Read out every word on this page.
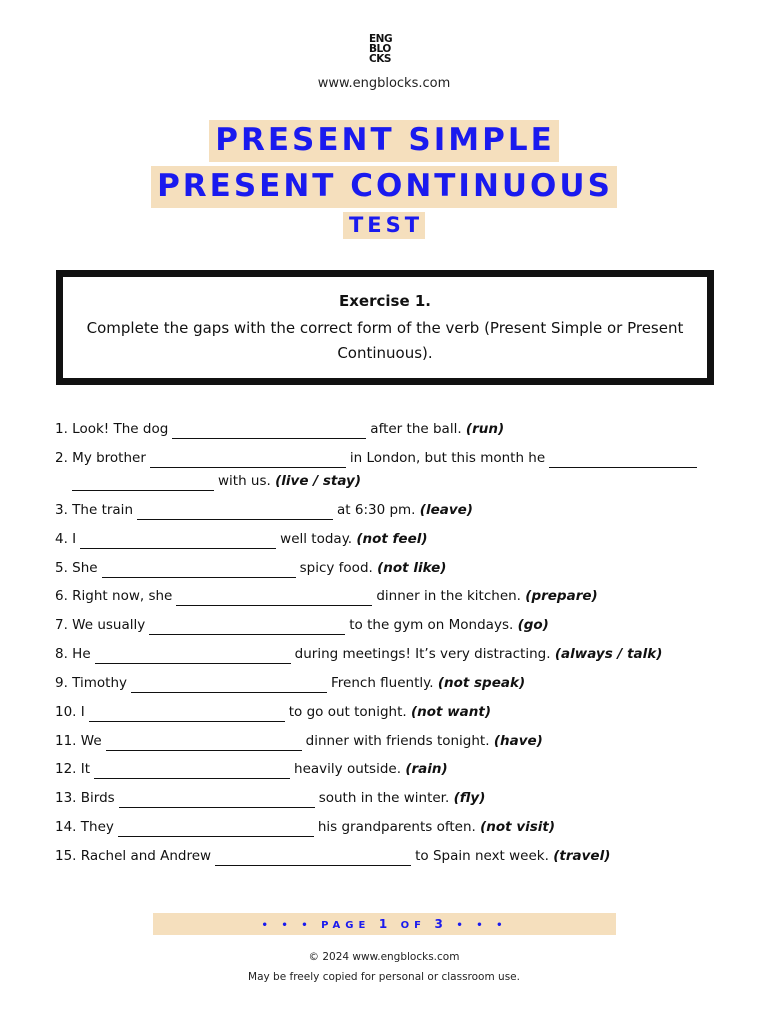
ENG
BLO
CKS
www.engblocks.com
PRESENT SIMPLE
PRESENT CONTINUOUS
TEST
Exercise 1.
Complete the gaps with the correct form of the verb (Present Simple or Present Continuous).
1. Look! The dog	after the ball. (run)
2. My brother	in London, but this month he
with us. (live / stay)
3. The train	at 6:30 pm. (leave)
4. I	well today. (not feel)
5. She	spicy food. (not like)
6. Right now, she	dinner in the kitchen. (prepare)
7. We usually	to the gym on Mondays. (go)
8. He	during meetings! It’s very distracting. (always / talk)
9. Timothy	French fluently. (not speak)
10. I	to go out tonight. (not want)
11. We	dinner with friends tonight. (have)
12. It	heavily outside. (rain)
13. Birds	south in the winter. (fly)
14. They	his grandparents often. (not visit)
15. Rachel and Andrew	to Spain next week. (travel)
• • • PAGE 1 OF 3 • • •
© 2024 www.engblocks.com
May be freely copied for personal or classroom use.
